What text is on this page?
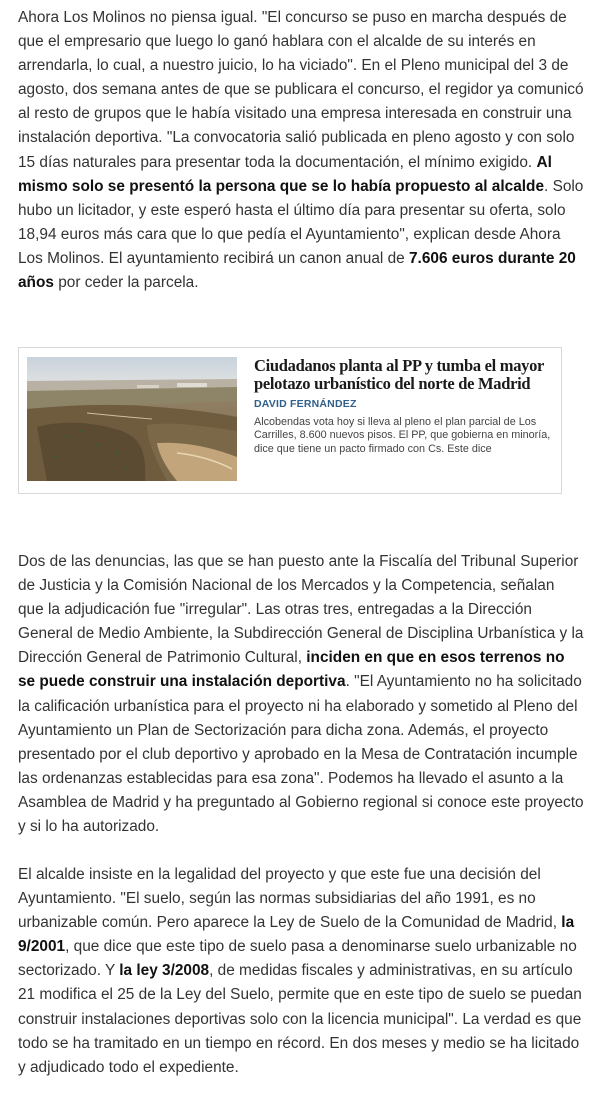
Ahora Los Molinos no piensa igual. "El concurso se puso en marcha después de que el empresario que luego lo ganó hablara con el alcalde de su interés en arrendarla, lo cual, a nuestro juicio, lo ha viciado". En el Pleno municipal del 3 de agosto, dos semana antes de que se publicara el concurso, el regidor ya comunicó al resto de grupos que le había visitado una empresa interesada en construir una instalación deportiva. "La convocatoria salió publicada en pleno agosto y con solo 15 días naturales para presentar toda la documentación, el mínimo exigido. Al mismo solo se presentó la persona que se lo había propuesto al alcalde. Solo hubo un licitador, y este esperó hasta el último día para presentar su oferta, solo 18,94 euros más cara que lo que pedía el Ayuntamiento", explican desde Ahora Los Molinos. El ayuntamiento recibirá un canon anual de 7.606 euros durante 20 años por ceder la parcela.

Ciudadanos planta al PP y tumba el mayor pelotazo urbanístico del norte de Madrid
DAVID FERNÁNDEZ
Alcobendas vota hoy si lleva al pleno el plan parcial de Los Carrilles, 8.600 nuevos pisos. El PP, que gobierna en minoría, dice que tiene un pacto firmado con Cs. Este dice

Dos de las denuncias, las que se han puesto ante la Fiscalía del Tribunal Superior de Justicia y la Comisión Nacional de los Mercados y la Competencia, señalan que la adjudicación fue "irregular". Las otras tres, entregadas a la Dirección General de Medio Ambiente, la Subdirección General de Disciplina Urbanística y la Dirección General de Patrimonio Cultural, inciden en que en esos terrenos no se puede construir una instalación deportiva. "El Ayuntamiento no ha solicitado la calificación urbanística para el proyecto ni ha elaborado y sometido al Pleno del Ayuntamiento un Plan de Sectorización para dicha zona. Además, el proyecto presentado por el club deportivo y aprobado en la Mesa de Contratación incumple las ordenanzas establecidas para esa zona". Podemos ha llevado el asunto a la Asamblea de Madrid y ha preguntado al Gobierno regional si conoce este proyecto y si lo ha autorizado.

El alcalde insiste en la legalidad del proyecto y que este fue una decisión del Ayuntamiento. "El suelo, según las normas subsidiarias del año 1991, es no urbanizable común. Pero aparece la Ley de Suelo de la Comunidad de Madrid, la 9/2001, que dice que este tipo de suelo pasa a denominarse suelo urbanizable no sectorizado. Y la ley 3/2008, de medidas fiscales y administrativas, en su artículo 21 modifica el 25 de la Ley del Suelo, permite que en este tipo de suelo se puedan construir instalaciones deportivas solo con la licencia municipal". La verdad es que todo se ha tramitado en un tiempo en récord. En dos meses y medio se ha licitado y adjudicado todo el expediente.
